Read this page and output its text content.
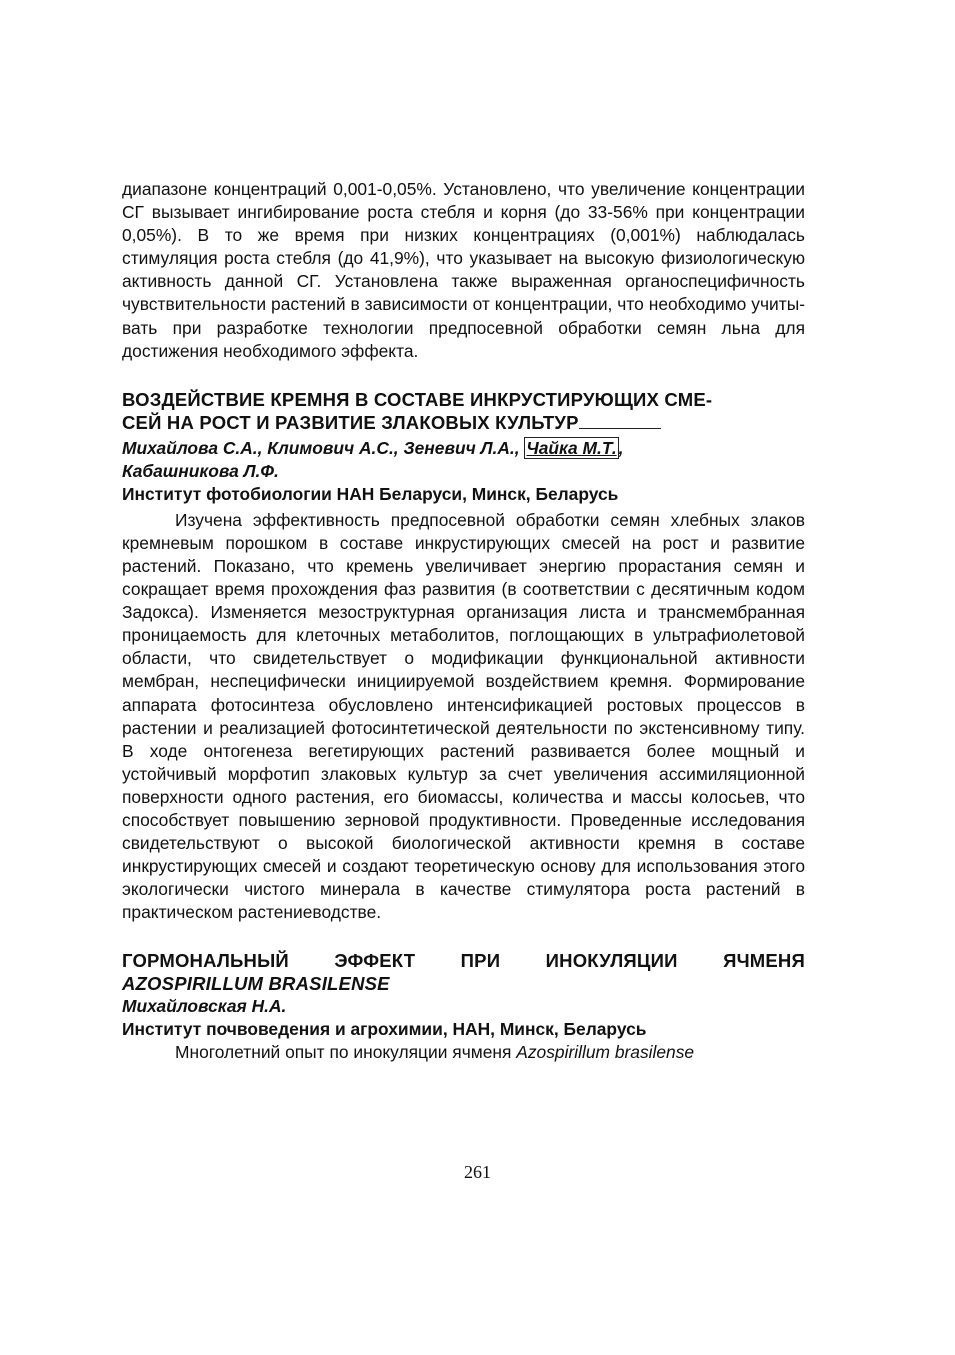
диапазоне концентраций 0,001-0,05%. Установлено, что увеличение концентрации СГ вызывает ингибирование роста стебля и корня (до 33-56% при концентрации 0,05%). В то же время при низких концентрациях (0,001%) наблюдалась стимуляция роста стебля (до 41,9%), что указывает на высокую физиологическую активность данной СГ. Установлена также выраженная органоспецифичность чувствительности растений в зависимости от концентрации, что необходимо учитывать при разработке технологии предпосевной обработки семян льна для достижения необходимого эффекта.

ВОЗДЕЙСТВИЕ КРЕМНЯ В СОСТАВЕ ИНКРУСТИРУЮЩИХ СМЕ-
СЕЙ НА РОСТ И РАЗВИТИЕ ЗЛАКОВЫХ КУЛЬТУР
Михайлова С.А., Климович А.С., Зеневич Л.А., Чайка М.Т. ,
Кабашникова Л.Ф.
Институт фотобиологии НАН Беларуси, Минск, Беларусь

Изучена эффективность предпосевной обработки семян хлебных злаков кремневым порошком в составе инкрустирующих смесей на рост и развитие растений. Показано, что кремень увеличивает энергию прорастания семян и сокращает время прохождения фаз развития (в соответствии с десятичным кодом Задокса). Изменяется мезоструктурная организация листа и трансмембранная проницаемость для клеточных метаболитов, поглощающих в ультрафиолетовой области, что свидетельствует о модификации функциональной активности мембран, неспецифически инициируемой воздействием кремня. Формирование аппарата фотосинтеза обусловлено интенсификацией ростовых процессов в растении и реализацией фотосинтетической деятельности по экстенсивному типу. В ходе онтогенеза вегетирующих растений развивается более мощный и устойчивый морфотип злаковых культур за счет увеличения ассимиляционной поверхности одного растения, его биомассы, количества и массы колосьев, что способствует повышению зерновой продуктивности. Проведенные исследования свидетельствуют о высокой биологической активности кремня в составе инкрустирующих смесей и создают теоретическую основу для использования этого экологически чистого минерала в качестве стимулятора роста растений в практическом растениеводстве.

ГОРМОНАЛЬНЫЙ ЭФФЕКТ ПРИ ИНОКУЛЯЦИИ ЯЧМЕНЯ
AZOSPIRILLUM BRASILENSE
Михайловская Н.А.
Институт почвоведения и агрохимии, НАН, Минск, Беларусь

Многолетний опыт по инокуляции ячменя Azospirillum brasilense

261
